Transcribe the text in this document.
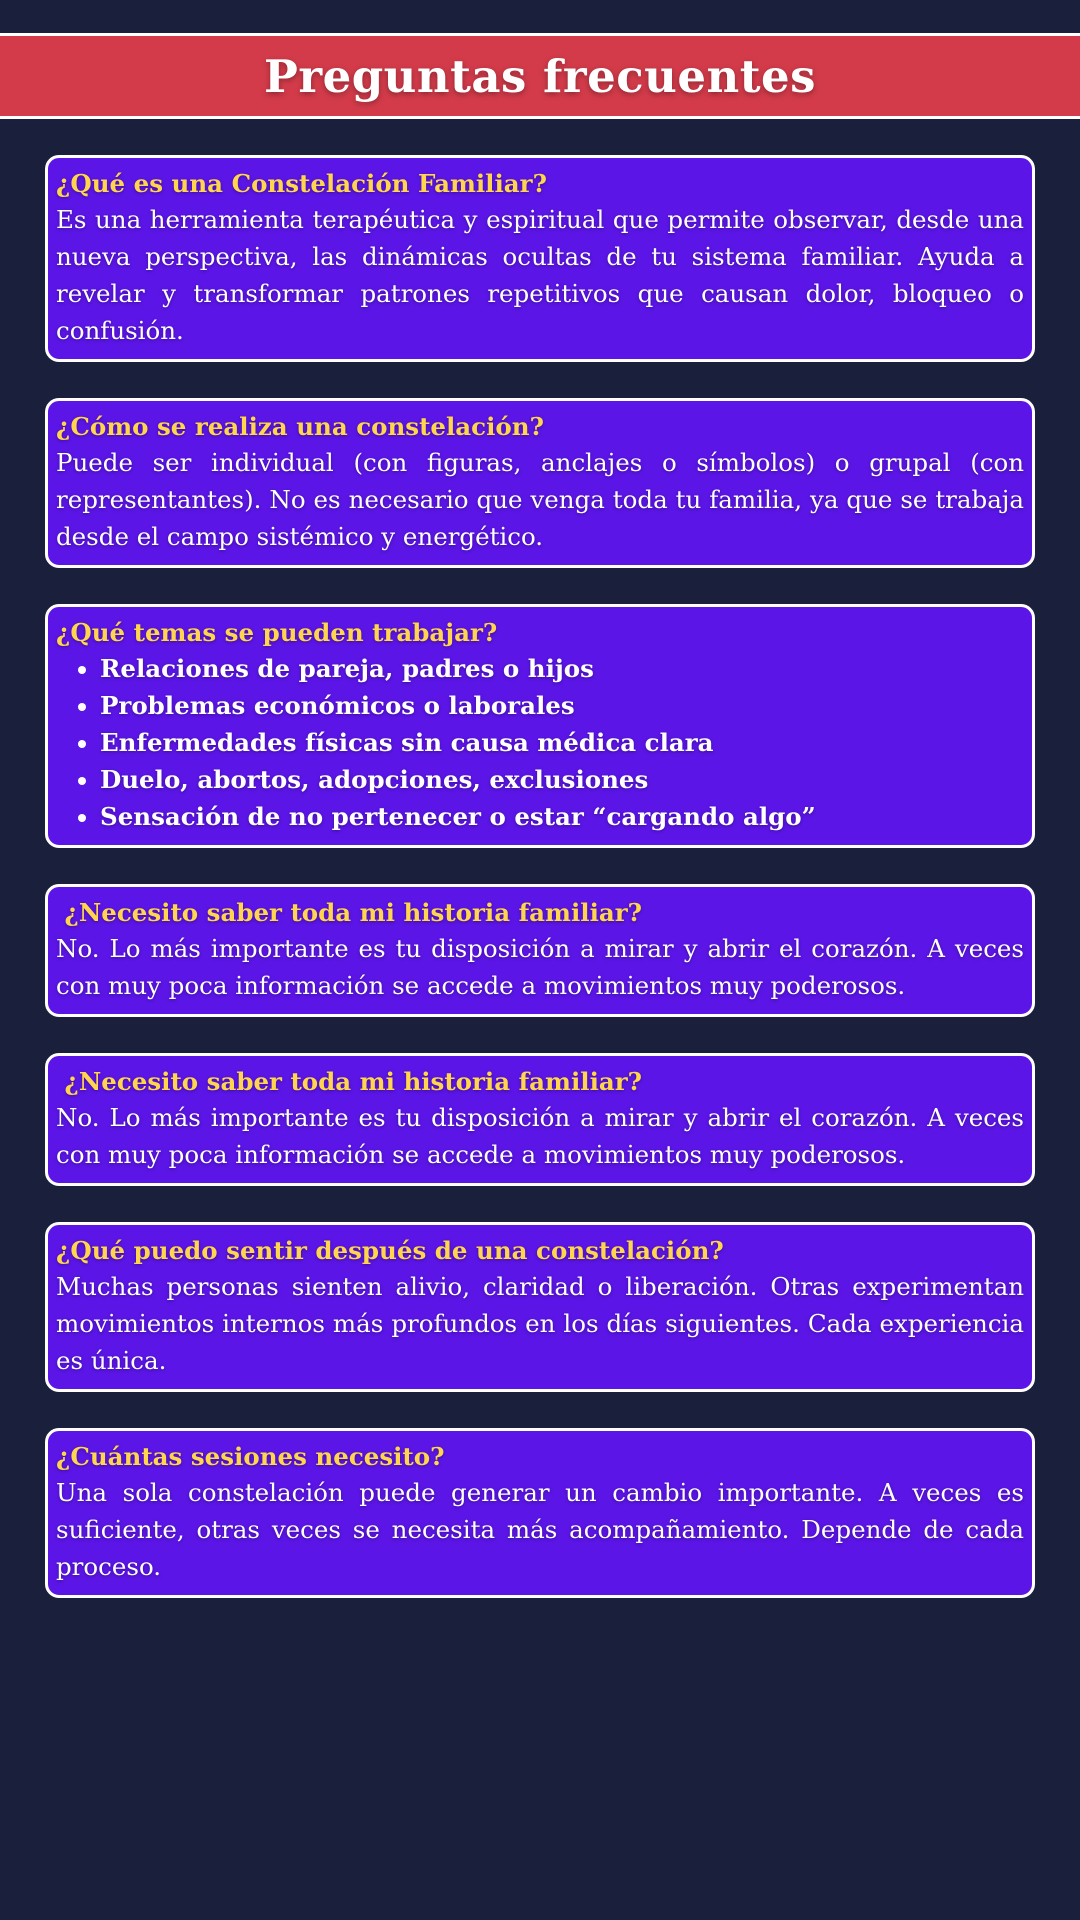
Preguntas frecuentes

¿Qué es una Constelación Familiar?

Es una herramienta terapéutica y espiritual que permite observar, desde una nueva perspectiva, las dinámicas ocultas de tu sistema familiar. Ayuda a revelar y transformar patrones repetitivos que causan dolor, bloqueo o confusión.

¿Cómo se realiza una constelación?

Puede ser individual (con figuras, anclajes o símbolos) o grupal (con representantes). No es necesario que venga toda tu familia, ya que se trabaja desde el campo sistémico y energético.

¿Qué temas se pueden trabajar?

• Relaciones de pareja, padres o hijos
• Problemas económicos o laborales
• Enfermedades físicas sin causa médica clara
• Duelo, abortos, adopciones, exclusiones
• Sensación de no pertenecer o estar “cargando algo”

¿Necesito saber toda mi historia familiar?

No. Lo más importante es tu disposición a mirar y abrir el corazón. A veces con muy poca información se accede a movimientos muy poderosos.

¿Necesito saber toda mi historia familiar?

No. Lo más importante es tu disposición a mirar y abrir el corazón. A veces con muy poca información se accede a movimientos muy poderosos.

¿Qué puedo sentir después de una constelación?

Muchas personas sienten alivio, claridad o liberación. Otras experimentan movimientos internos más profundos en los días siguientes. Cada experiencia es única.

¿Cuántas sesiones necesito?

Una sola constelación puede generar un cambio importante. A veces es suficiente, otras veces se necesita más acompañamiento. Depende de cada proceso.
